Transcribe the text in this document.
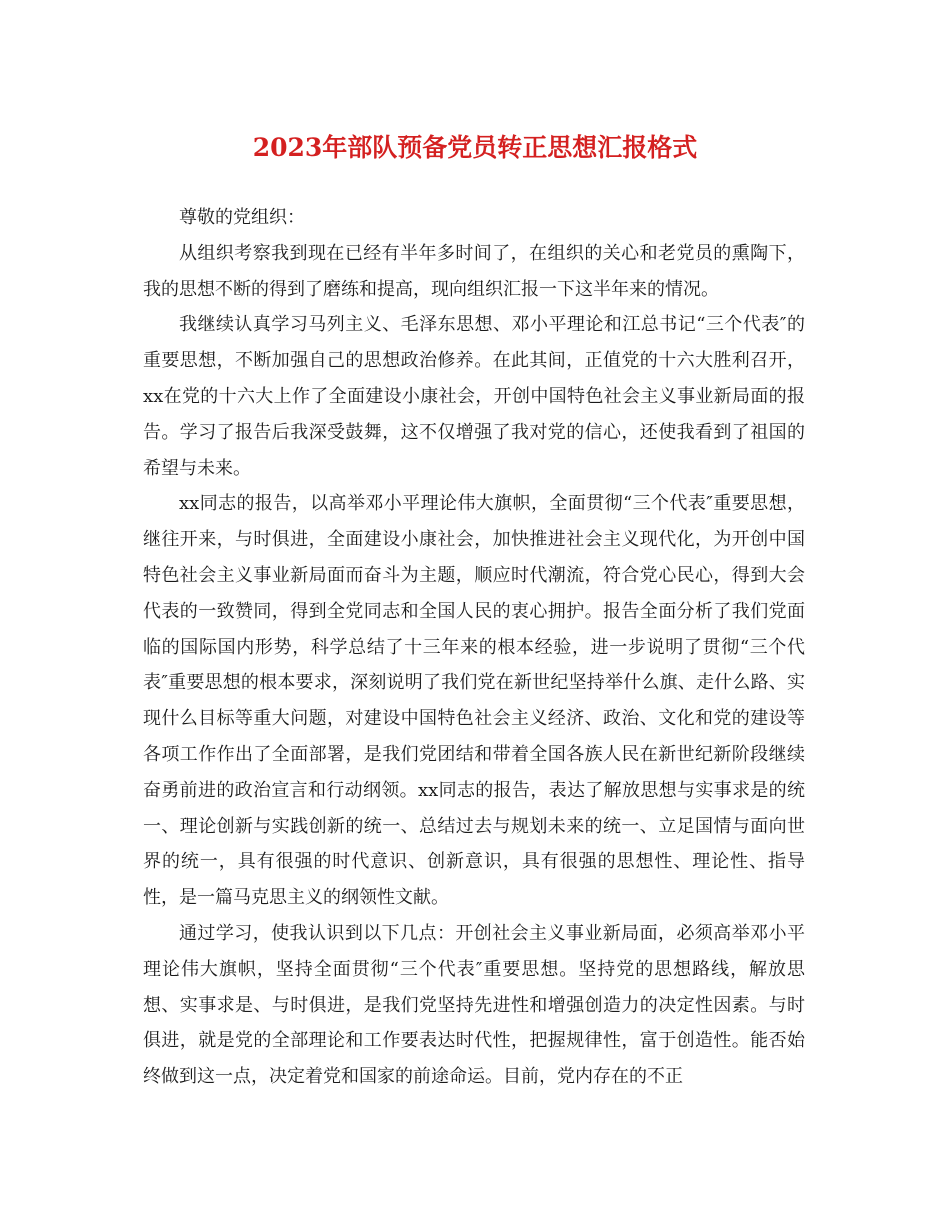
2023年部队预备党员转正思想汇报格式

尊敬的党组织：

从组织考察我到现在已经有半年多时间了，在组织的关心和老党员的熏陶下，我的思想不断的得到了磨练和提高，现向组织汇报一下这半年来的情况。

我继续认真学习马列主义、毛泽东思想、邓小平理论和江总书记“三个代表″的重要思想，不断加强自己的思想政治修养。在此其间，正值党的十六大胜利召开，xx在党的十六大上作了全面建设小康社会，开创中国特色社会主义事业新局面的报告。学习了报告后我深受鼓舞，这不仅增强了我对党的信心，还使我看到了祖国的希望与未来。

xx同志的报告，以高举邓小平理论伟大旗帜，全面贯彻“三个代表″重要思想，继往开来，与时俱进，全面建设小康社会，加快推进社会主义现代化，为开创中国特色社会主义事业新局面而奋斗为主题，顺应时代潮流，符合党心民心，得到大会代表的一致赞同，得到全党同志和全国人民的衷心拥护。报告全面分析了我们党面临的国际国内形势，科学总结了十三年来的根本经验，进一步说明了贯彻“三个代表″重要思想的根本要求，深刻说明了我们党在新世纪坚持举什么旗、走什么路、实现什么目标等重大问题，对建设中国特色社会主义经济、政治、文化和党的建设等各项工作作出了全面部署，是我们党团结和带着全国各族人民在新世纪新阶段继续奋勇前进的政治宣言和行动纲领。xx同志的报告，表达了解放思想与实事求是的统一、理论创新与实践创新的统一、总结过去与规划未来的统一、立足国情与面向世界的统一，具有很强的时代意识、创新意识，具有很强的思想性、理论性、指导性，是一篇马克思主义的纲领性文献。

通过学习，使我认识到以下几点：开创社会主义事业新局面，必须高举邓小平理论伟大旗帜，坚持全面贯彻“三个代表″重要思想。坚持党的思想路线，解放思想、实事求是、与时俱进，是我们党坚持先进性和增强创造力的决定性因素。与时俱进，就是党的全部理论和工作要表达时代性，把握规律性，富于创造性。能否始终做到这一点，决定着党和国家的前途命运。目前，党内存在的不正
